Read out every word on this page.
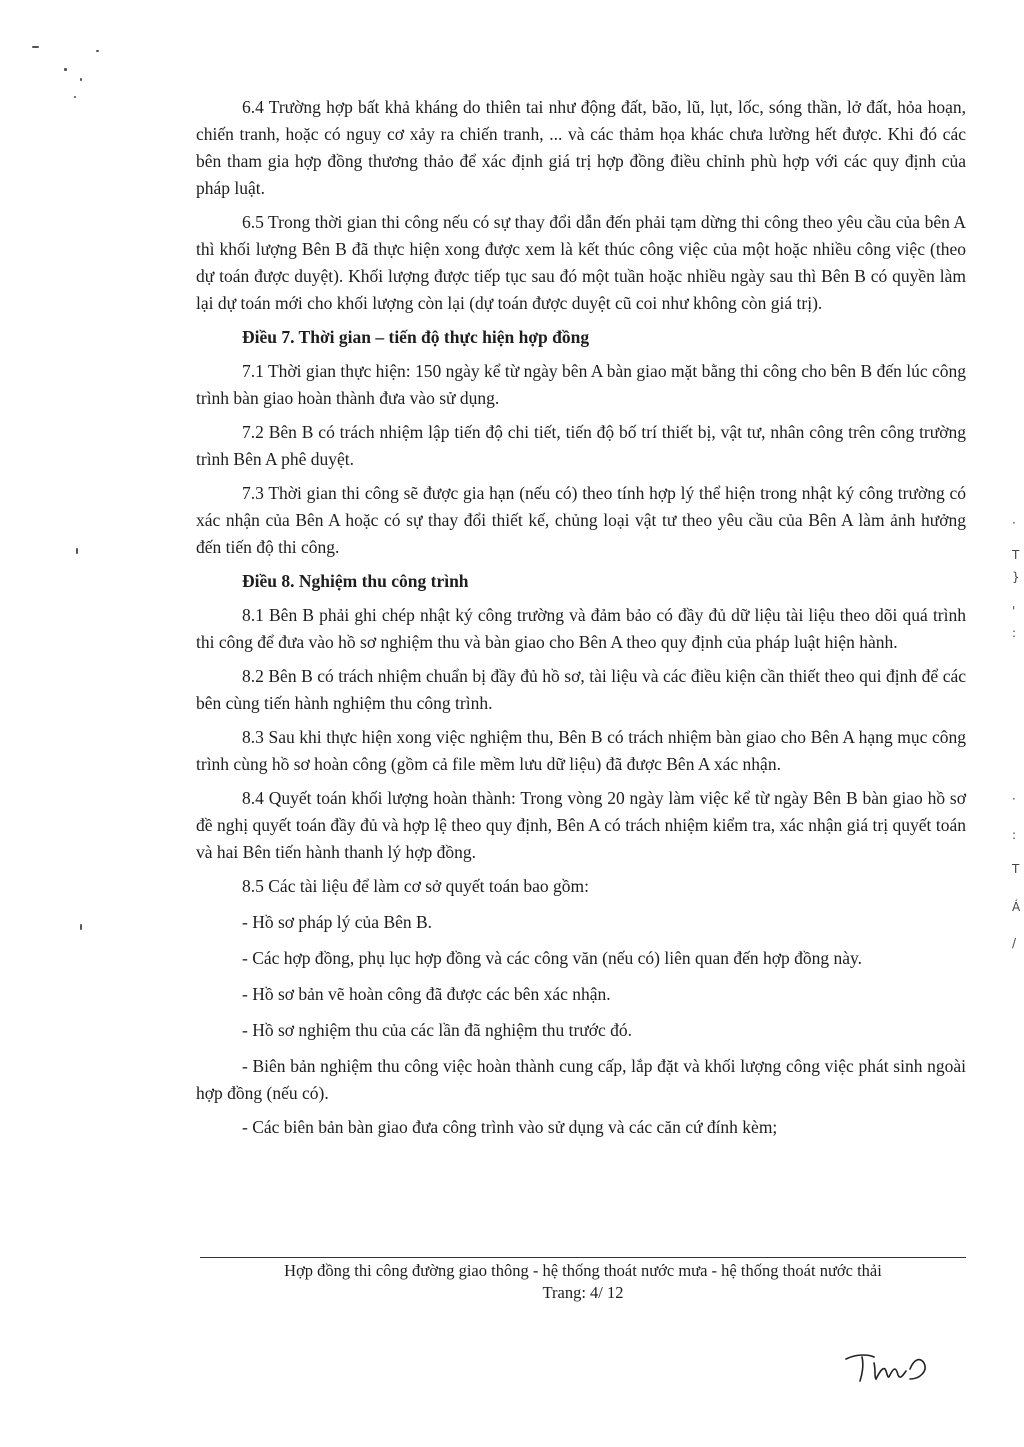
·
T
}
'
:
·
:
T
Á
/

6.4 Trường hợp bất khả kháng do thiên tai như động đất, bão, lũ, lụt, lốc, sóng thần, lở đất, hỏa hoạn, chiến tranh, hoặc có nguy cơ xảy ra chiến tranh, ... và các thảm họa khác chưa lường hết được. Khi đó các bên tham gia hợp đồng thương thảo để xác định giá trị hợp đồng điều chỉnh phù hợp với các quy định của pháp luật.

6.5 Trong thời gian thi công nếu có sự thay đổi dẫn đến phải tạm dừng thi công theo yêu cầu của bên A thì khối lượng Bên B đã thực hiện xong được xem là kết thúc công việc của một hoặc nhiều công việc (theo dự toán được duyệt). Khối lượng được tiếp tục sau đó một tuần hoặc nhiều ngày sau thì Bên B có quyền làm lại dự toán mới cho khối lượng còn lại (dự toán được duyệt cũ coi như không còn giá trị).

Điều 7. Thời gian – tiến độ thực hiện hợp đồng

7.1 Thời gian thực hiện: 150 ngày kể từ ngày bên A bàn giao mặt bằng thi công cho bên B đến lúc công trình bàn giao hoàn thành đưa vào sử dụng.

7.2 Bên B có trách nhiệm lập tiến độ chi tiết, tiến độ bố trí thiết bị, vật tư, nhân công trên công trường trình Bên A phê duyệt.

7.3 Thời gian thi công sẽ được gia hạn (nếu có) theo tính hợp lý thể hiện trong nhật ký công trường có xác nhận của Bên A hoặc có sự thay đổi thiết kế, chủng loại vật tư theo yêu cầu của Bên A làm ảnh hưởng đến tiến độ thi công.

Điều 8. Nghiệm thu công trình

8.1 Bên B phải ghi chép nhật ký công trường và đảm bảo có đầy đủ dữ liệu tài liệu theo dõi quá trình thi công để đưa vào hồ sơ nghiệm thu và bàn giao cho Bên A theo quy định của pháp luật hiện hành.

8.2 Bên B có trách nhiệm chuẩn bị đầy đủ hồ sơ, tài liệu và các điều kiện cần thiết theo qui định để các bên cùng tiến hành nghiệm thu công trình.

8.3 Sau khi thực hiện xong việc nghiệm thu, Bên B có trách nhiệm bàn giao cho Bên A hạng mục công trình cùng hồ sơ hoàn công (gồm cả file mềm lưu dữ liệu) đã được Bên A xác nhận.

8.4 Quyết toán khối lượng hoàn thành: Trong vòng 20 ngày làm việc kể từ ngày Bên B bàn giao hồ sơ đề nghị quyết toán đầy đủ và hợp lệ theo quy định, Bên A có trách nhiệm kiểm tra, xác nhận giá trị quyết toán và hai Bên tiến hành thanh lý hợp đồng.

8.5 Các tài liệu để làm cơ sở quyết toán bao gồm:

- Hồ sơ pháp lý của Bên B.

- Các hợp đồng, phụ lục hợp đồng và các công văn (nếu có) liên quan đến hợp đồng này.

- Hồ sơ bản vẽ hoàn công đã được các bên xác nhận.

- Hồ sơ nghiệm thu của các lần đã nghiệm thu trước đó.

- Biên bản nghiệm thu công việc hoàn thành cung cấp, lắp đặt và khối lượng công việc phát sinh ngoài hợp đồng (nếu có).

- Các biên bản bàn giao đưa công trình vào sử dụng và các căn cứ đính kèm;

Hợp đồng thi công đường giao thông - hệ thống thoát nước mưa - hệ thống thoát nước thải
Trang: 4/ 12
